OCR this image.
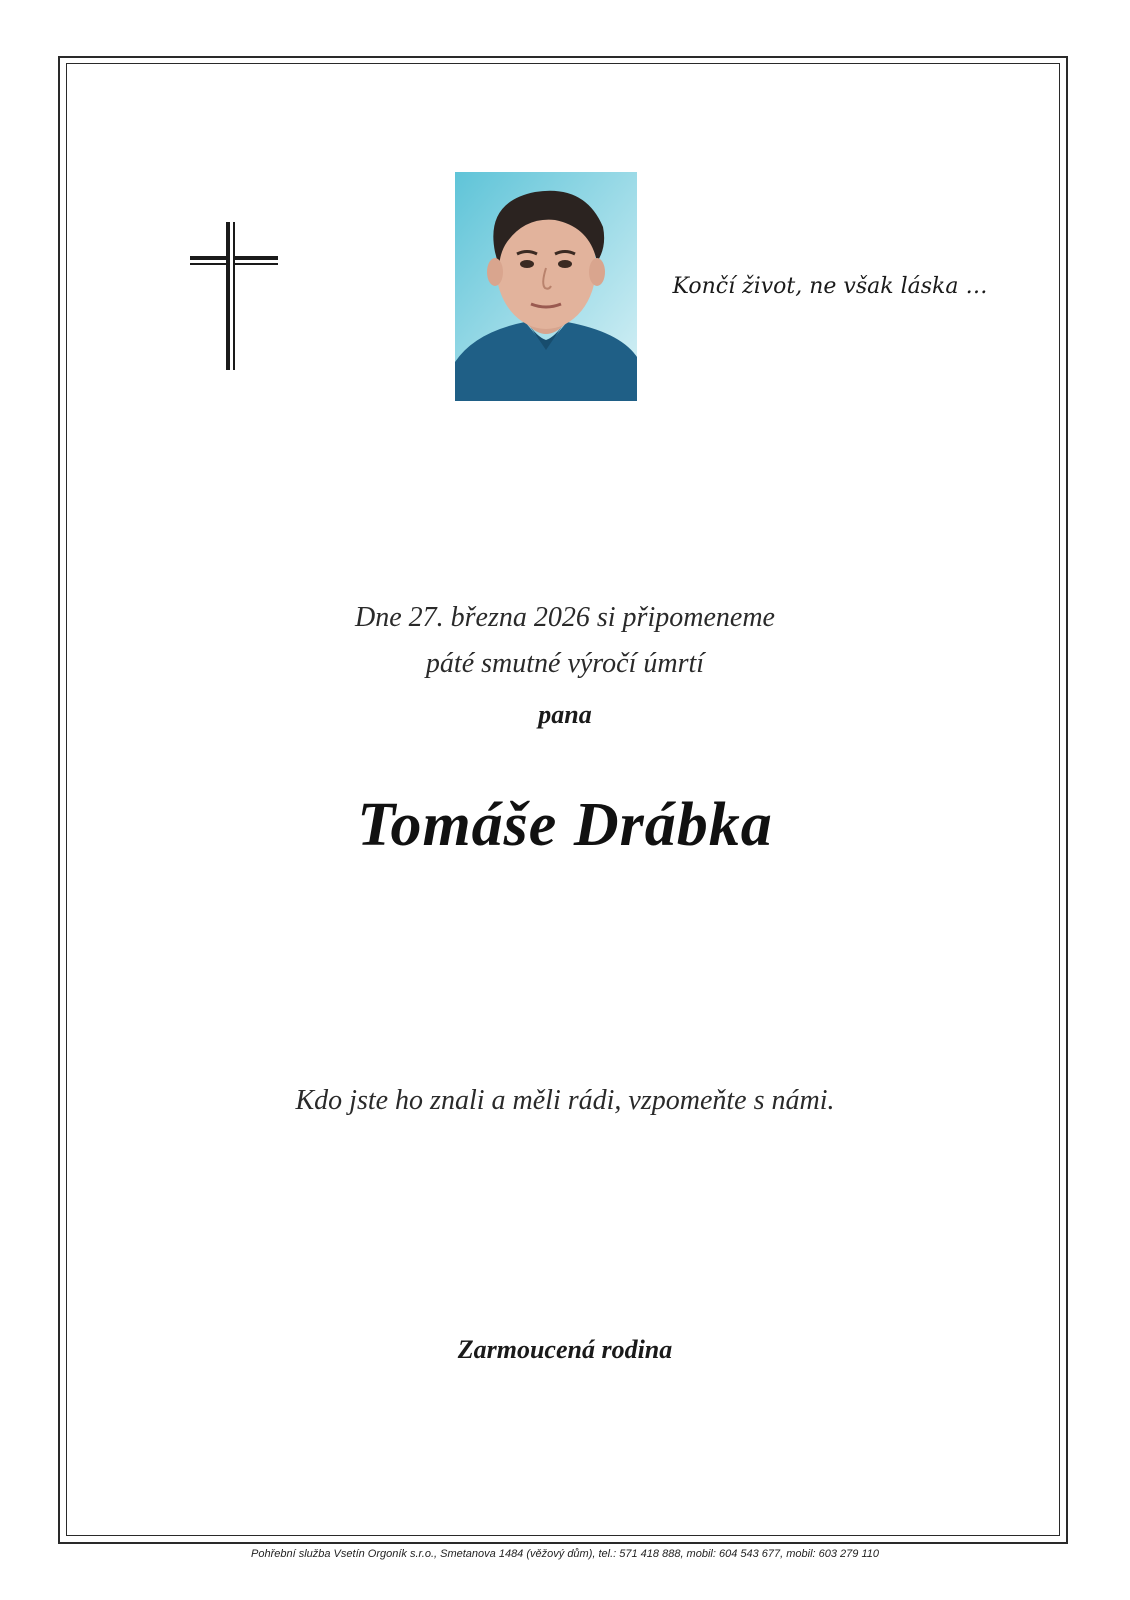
Končí život, ne však láska …
Dne 27. března 2026 si připomeneme
páté smutné výročí úmrtí
pana
Tomáše Drábka
Kdo jste ho znali a měli rádi, vzpomeňte s námi.
Zarmoucená rodina
Pohřební služba Vsetín Orgoník s.r.o., Smetanova 1484 (věžový dům), tel.: 571 418 888, mobil: 604 543 677, mobil: 603 279 110
